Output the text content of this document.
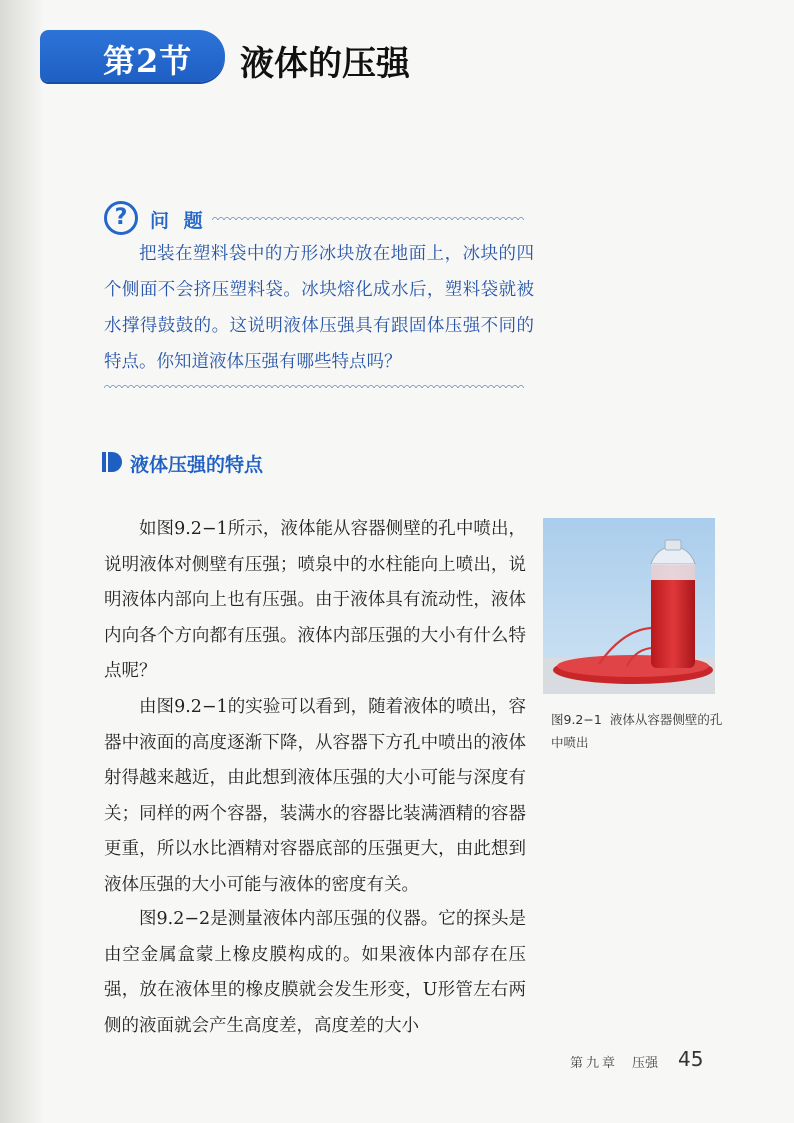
第2节 液体的压强
?	问 题

把装在塑料袋中的方形冰块放在地面上，冰块的四个侧面不会挤压塑料袋。冰块熔化成水后，塑料袋就被水撑得鼓鼓的。这说明液体压强具有跟固体压强不同的特点。你知道液体压强有哪些特点吗？

液体压强的特点

如图9.2−1所示，液体能从容器侧壁的孔中喷出，说明液体对侧壁有压强；喷泉中的水柱能向上喷出，说明液体内部向上也有压强。由于液体具有流动性，液体内向各个方向都有压强。液体内部压强的大小有什么特点呢？

由图9.2−1的实验可以看到，随着液体的喷出，容器中液面的高度逐渐下降，从容器下方孔中喷出的液体射得越来越近，由此想到液体压强的大小可能与深度有关；同样的两个容器，装满水的容器比装满酒精的容器更重，所以水比酒精对容器底部的压强更大，由此想到液体压强的大小可能与液体的密度有关。

图9.2−2是测量液体内部压强的仪器。它的探头是由空金属盒蒙上橡皮膜构成的。如果液体内部存在压强，放在液体里的橡皮膜就会发生形变，U形管左右两侧的液面就会产生高度差，高度差的大小

图9.2−1 液体从容器侧壁的孔中喷出
第九章 压强 45
